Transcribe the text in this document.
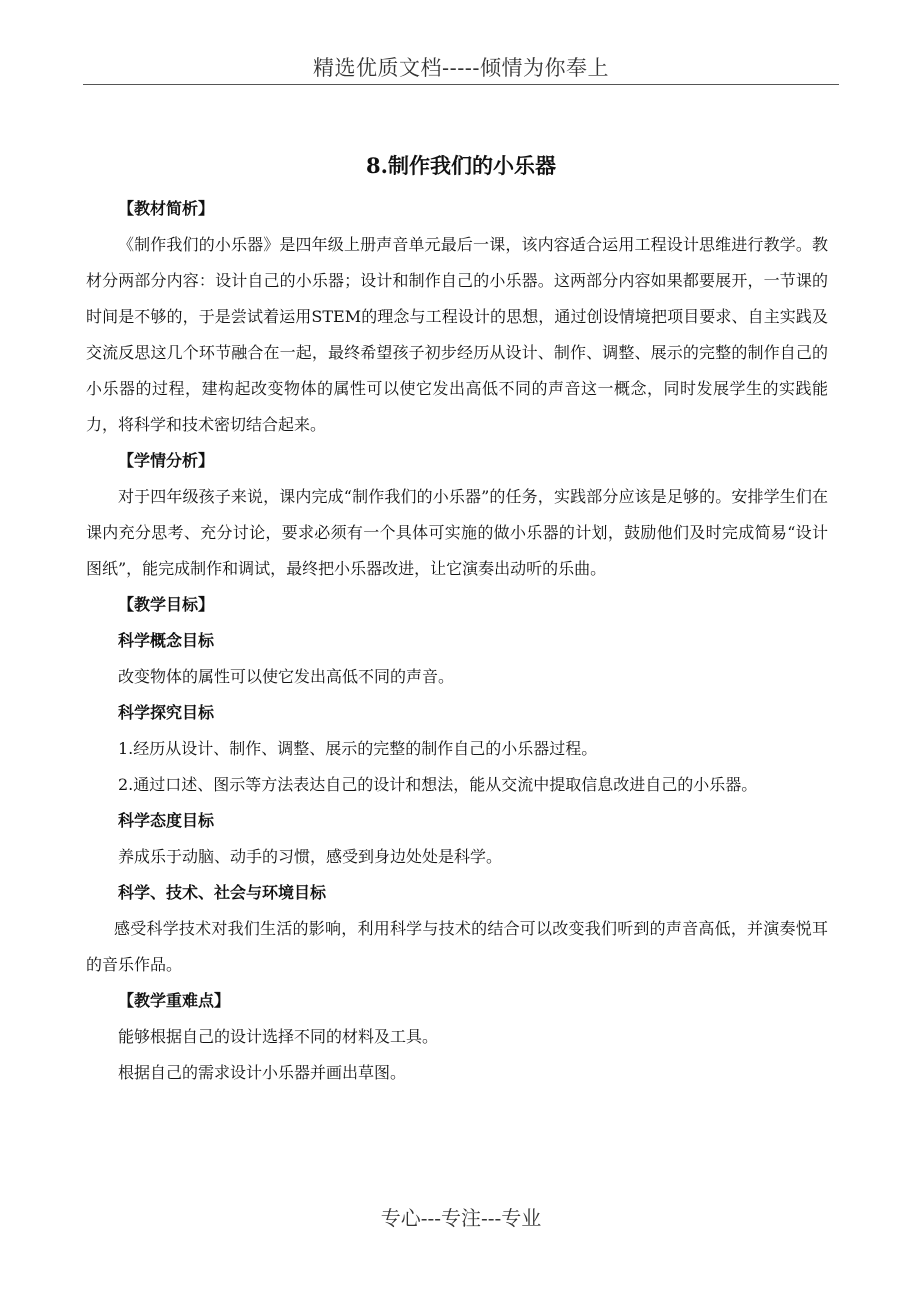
精选优质文档-----倾情为你奉上
8.制作我们的小乐器

【教材简析】

《制作我们的小乐器》是四年级上册声音单元最后一课，该内容适合运用工程设计思维进行教学。教材分两部分内容：设计自己的小乐器；设计和制作自己的小乐器。这两部分内容如果都要展开，一节课的时间是不够的，于是尝试着运用STEM的理念与工程设计的思想，通过创设情境把项目要求、自主实践及交流反思这几个环节融合在一起，最终希望孩子初步经历从设计、制作、调整、展示的完整的制作自己的小乐器的过程，建构起改变物体的属性可以使它发出高低不同的声音这一概念，同时发展学生的实践能力，将科学和技术密切结合起来。

【学情分析】

对于四年级孩子来说，课内完成“制作我们的小乐器”的任务，实践部分应该是足够的。安排学生们在课内充分思考、充分讨论，要求必须有一个具体可实施的做小乐器的计划，鼓励他们及时完成简易“设计图纸”，能完成制作和调试，最终把小乐器改进，让它演奏出动听的乐曲。

【教学目标】

科学概念目标

改变物体的属性可以使它发出高低不同的声音。

科学探究目标

1.经历从设计、制作、调整、展示的完整的制作自己的小乐器过程。

2.通过口述、图示等方法表达自己的设计和想法，能从交流中提取信息改进自己的小乐器。

科学态度目标

养成乐于动脑、动手的习惯，感受到身边处处是科学。

科学、技术、社会与环境目标

感受科学技术对我们生活的影响，利用科学与技术的结合可以改变我们听到的声音高低，并演奏悦耳的音乐作品。

【教学重难点】

能够根据自己的设计选择不同的材料及工具。

根据自己的需求设计小乐器并画出草图。

专心---专注---专业
